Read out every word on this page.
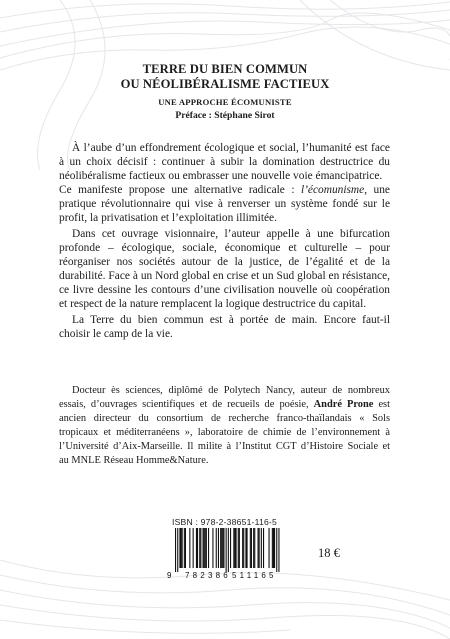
TERRE DU BIEN COMMUN
OU NÉOLIBÉRALISME FACTIEUX
UNE APPROCHE ÉCOMUNISTE
Préface : Stéphane Sirot
À l’aube d’un effondrement écologique et social, l’humanité est face
à un choix décisif : continuer à subir la domination destructrice du
néolibéralisme factieux ou embrasser une nouvelle voie émancipatrice.
Ce manifeste propose une alternative radicale : l’écomunisme, une
pratique révolutionnaire qui vise à renverser un système fondé sur le
profit, la privatisation et l’exploitation illimitée.
Dans cet ouvrage visionnaire, l’auteur appelle à une bifurcation
profonde – écologique, sociale, économique et culturelle – pour
réorganiser nos sociétés autour de la justice, de l’égalité et de la
durabilité. Face à un Nord global en crise et un Sud global en résistance,
ce livre dessine les contours d’une civilisation nouvelle où coopération
et respect de la nature remplacent la logique destructrice du capital.
La Terre du bien commun est à portée de main. Encore faut-il
choisir le camp de la vie.
Docteur ès sciences, diplômé de Polytech Nancy, auteur de nombreux
essais, d’ouvrages scientifiques et de recueils de poésie, André Prone est
ancien directeur du consortium de recherche franco-thaïlandais « Sols
tropicaux et méditerranéens », laboratoire de chimie de l’environnement à
l’Université d’Aix-Marseille. Il milite à l’Institut CGT d’Histoire Sociale et
au MNLE Réseau Homme&Nature.
ISBN : 978-2-38651-116-5
9 782386 511165
18 €
